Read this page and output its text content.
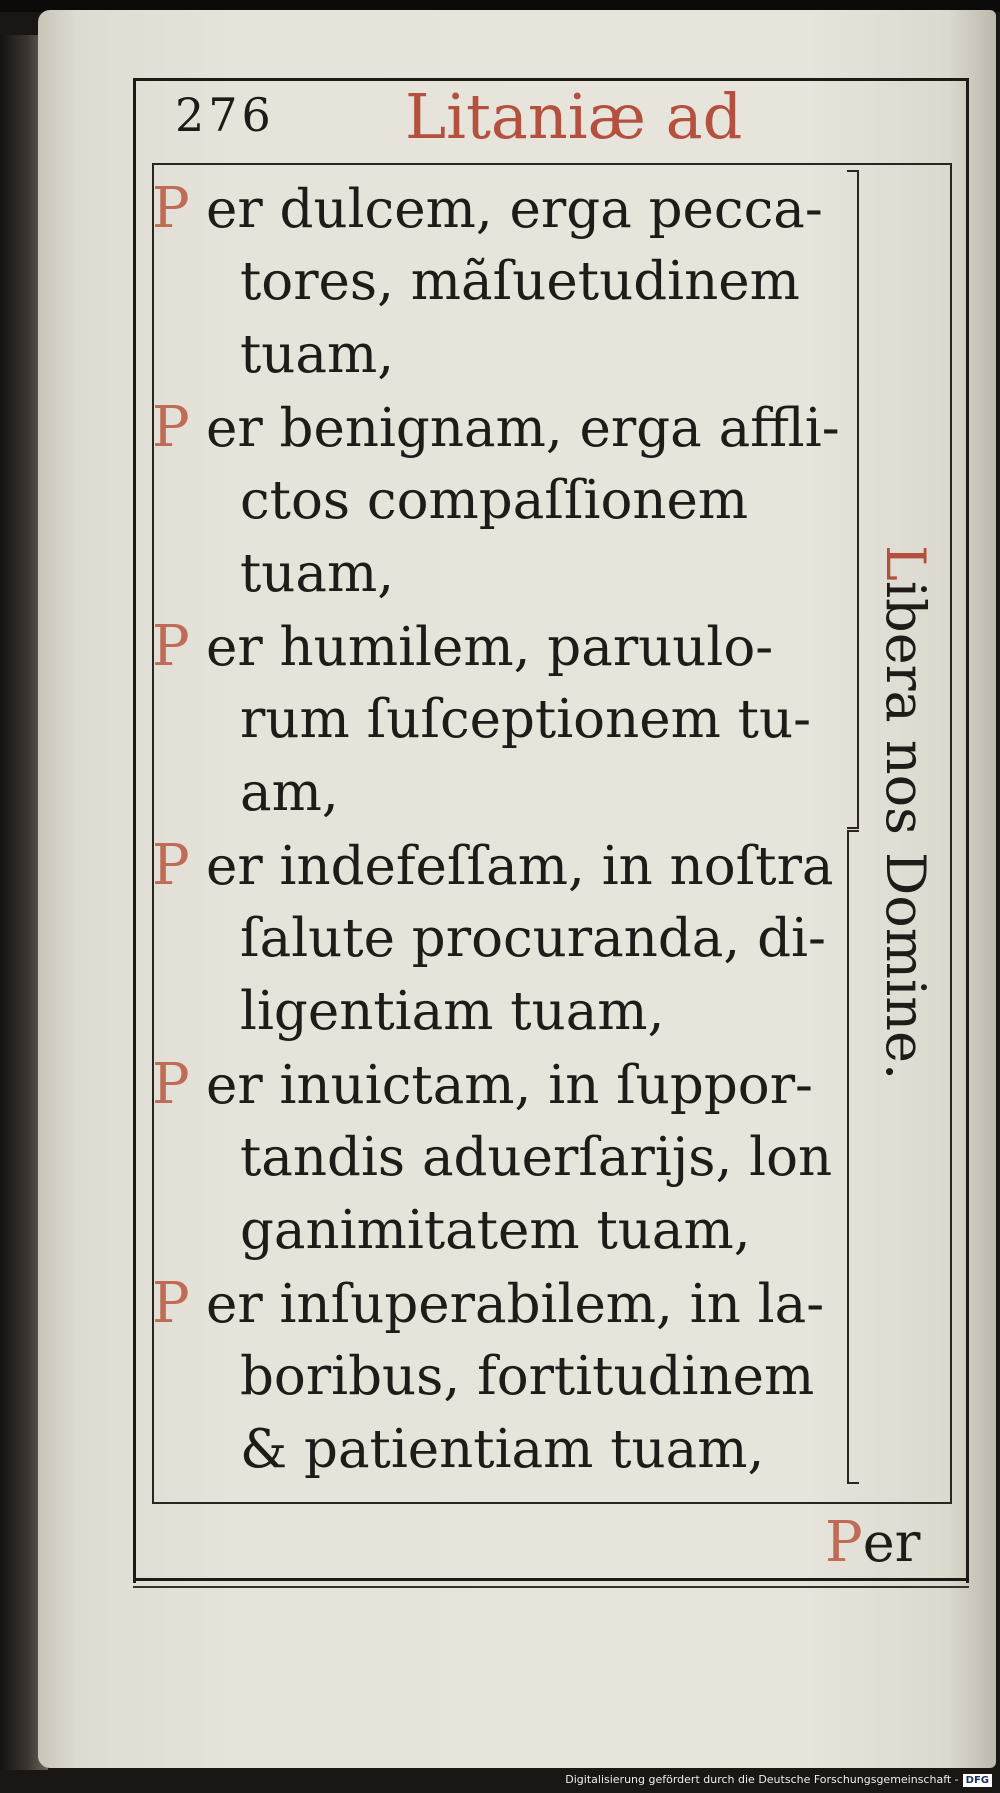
276 Litaniæ ad
P er dulcem, erga pecca-
tores, mãſuetudinem
tuam,
P er benignam, erga affli-
ctos compaſſionem
tuam,
P er humilem, paruulo-
rum ſuſceptionem tu-
am,
P er indefeſſam, in noſtra
ſalute procuranda, di-
ligentiam tuam,
P er inuictam, in ſuppor-
tandis aduerſarijs, lon
ganimitatem tuam,
P er inſuperabilem, in la-
boribus, fortitudinem
& patientiam tuam,
Libera nos Domine.
Per
Digitalisierung gefördert durch die Deutsche Forschungsgemeinschaft - DFG
